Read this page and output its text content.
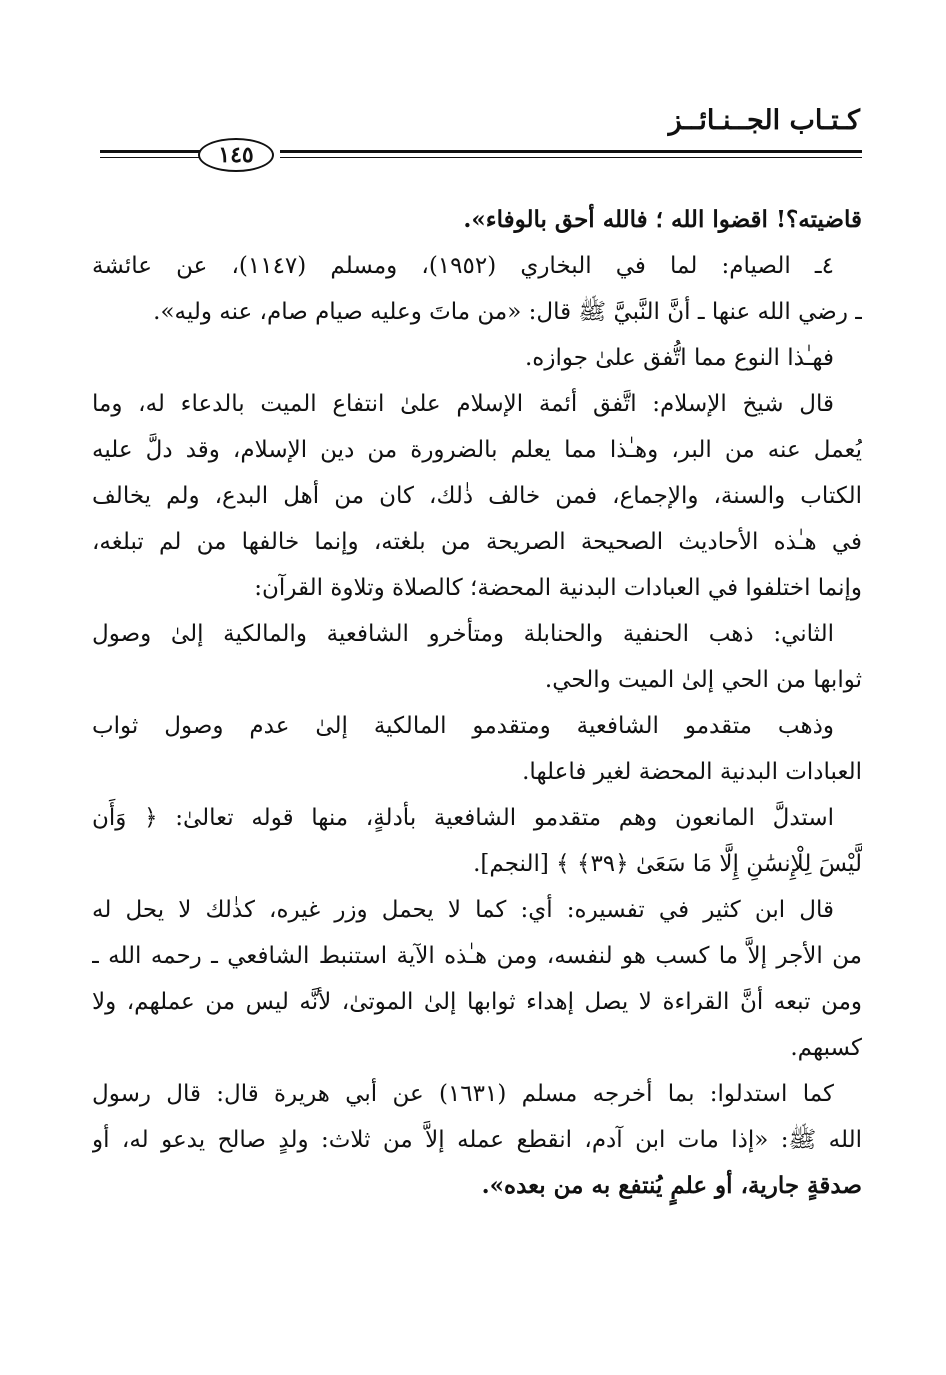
كـتـاب الجــنـائــز
١٤٥
قاضيته؟! اقضوا الله ؛ فالله أحق بالوفاء».
٤ـ الصيام: لما في البخاري (١٩٥٢)، ومسلم (١١٤٧)، عن عائشة
ـ رضي الله عنها ـ أنَّ النَّبيَّ ﷺ قال: «من ماتَ وعليه صيام صام، عنه وليه».
فهـٰذا النوع مما اتُّفق علىٰ جوازه.
قال شيخ الإسلام: اتَّفق أئمة الإسلام علىٰ انتفاع الميت بالدعاء له، وما
يُعمل عنه من البر، وهـٰذا مما يعلم بالضرورة من دين الإسلام، وقد دلَّ عليه
الكتاب والسنة، والإجماع، فمن خالف ذٰلك، كان من أهل البدع، ولم يخالف
في هـٰذه الأحاديث الصحيحة الصريحة من بلغته، وإنما خالفها من لم تبلغه،
وإنما اختلفوا في العبادات البدنية المحضة؛ كالصلاة وتلاوة القرآن:
الثاني: ذهب الحنفية والحنابلة ومتأخرو الشافعية والمالكية إلىٰ وصول
ثوابها من الحي إلىٰ الميت والحي.
وذهب متقدمو الشافعية ومتقدمو المالكية إلىٰ عدم وصول ثواب
العبادات البدنية المحضة لغير فاعلها.
استدلَّ المانعون وهم متقدمو الشافعية بأدلةٍ، منها قوله تعالىٰ: ﴿ وَأَن
لَّيْسَ لِلْإِنسَٰنِ إِلَّا مَا سَعَىٰ ﴿٣٩﴾ ﴾ [النجم].
قال ابن كثير في تفسيره: أي: كما لا يحمل وزر غيره، كذٰلك لا يحل له
من الأجر إلاَّ ما كسب هو لنفسه، ومن هـٰذه الآية استنبط الشافعي ـ رحمه الله ـ
ومن تبعه أنَّ القراءة لا يصل إهداء ثوابها إلىٰ الموتىٰ، لأنَّه ليس من عملهم، ولا
كسبهم.
كما استدلوا: بما أخرجه مسلم (١٦٣١) عن أبي هريرة قال: قال رسول
الله ﷺ: «إذا مات ابن آدم، انقطع عمله إلاَّ من ثلاث: ولدٍ صالح يدعو له، أو
صدقةٍ جارية، أو علمٍ يُنتفع به من بعده».
